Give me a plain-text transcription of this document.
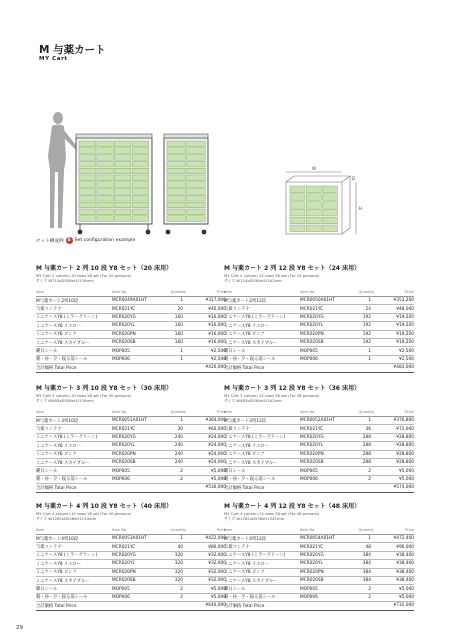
M 与薬カート
MY Cart
W
H
D
セット構成例 S Set configuration example
M 与薬カート 2 列 10 段 Y8 セット（20 床用）
MY Cart 2 column-10 rows Y8 set (For 20 persons)
サイズ W714xD536xH1134mm
Item	Item No.	Quantity	Price
M与薬カート2列10段	MCR0049A01HT	1	¥317,000
与薬コンテナ	MCR021YC	20	¥40,000
ミニケースY8 (ミラーグリーン)	MCR020YG	160	¥16,000
ミニケースY8 イエロー	MCR020YL	160	¥16,000
ミニケースY8 ピンク	MCR020PN	160	¥16,000
ミニケースY8 スカイブルー	MCR020SB	160	¥16,000
曜日シール	MOP005	1	¥2,500
朝・昼・夕・寝る前シール	MOP006	1	¥2,500
合計価格 Total Price			¥426,000
M 与薬カート 2 列 12 段 Y8 セット（24 床用）
MY Cart 2 column-12 rows Y8 set (For 24 persons)
サイズ W714xD536xH1341mm
Item	Item No.	Quantity	Price
M与薬カート2列12段	MCR0050A01HT	1	¥353,200
与薬コンテナ	MCR021YC	24	¥48,000
ミニケースY8 (ミラーグリーン)	MCR020YG	192	¥19,200
ミニケースY8 イエロー	MCR020YL	192	¥19,200
ミニケースY8 ピンク	MCR020PN	192	¥19,200
ミニケースY8 スカイブルー	MCR020SB	192	¥19,200
曜日シール	MOP005	1	¥2,500
朝・昼・夕・寝る前シール	MOP006	1	¥2,500
合計価格 Total Price			¥483,000
M 与薬カート 3 列 10 段 Y8 セット（30 床用）
MY Cart 3 column-10 rows Y8 set (For 30 persons)
サイズ W983xD536xH1134mm
Item	Item No.	Quantity	Price
M与薬カート3列10段	MCR0051A01HT	1	¥364,000
与薬コンテナ	MCR021YC	30	¥60,000
ミニケースY8 (ミラーグリーン)	MCR020YG	240	¥24,000
ミニケースY8 イエロー	MCR020YL	240	¥24,000
ミニケースY8 ピンク	MCR020PN	240	¥24,000
ミニケースY8 スカイブルー	MCR020SB	240	¥24,000
曜日シール	MOP005	2	¥5,000
朝・昼・夕・寝る前シール	MOP006	2	¥5,000
合計価格 Total Price			¥530,000
M 与薬カート 3 列 12 段 Y8 セット（36 床用）
MY Cart 3 column-12 rows Y8 set (For 36 persons)
サイズ W983xD536xH1341mm
Item	Item No.	Quantity	Price
M与薬カート3列12段	MCR0052A01HT	1	¥376,800
与薬コンテナ	MCR021YC	36	¥72,000
ミニケースY8 (ミラーグリーン)	MCR020YG	288	¥28,800
ミニケースY8 イエロー	MCR020YL	288	¥28,800
ミニケースY8 ピンク	MCR020PN	288	¥28,800
ミニケースY8 スカイブルー	MCR020SB	288	¥28,800
曜日シール	MOP005	2	¥5,000
朝・昼・夕・寝る前シール	MOP006	2	¥5,000
合計価格 Total Price			¥574,000
M 与薬カート 4 列 10 段 Y8 セット（40 床用）
MY Cart 4 column-10 rows Y8 set (For 40 persons)
サイズ W1262xD536xH1134mm
Item	Item No.	Quantity	Price
M与薬カート4列10段	MCR0053A01HT	1	¥422,000
与薬コンテナ	MCR021YC	40	¥80,000
ミニケースY8 (ミラーグリーン)	MCR020YG	320	¥32,000
ミニケースY8 イエロー	MCR020YL	320	¥32,000
ミニケースY8 ピンク	MCR020PN	320	¥32,000
ミニケースY8 スカイブルー	MCR020SB	320	¥32,000
曜日シール	MOP005	2	¥5,000
朝・昼・夕・寝る前シール	MOP006	2	¥5,000
合計価格 Total Price			¥640,000
M 与薬カート 4 列 12 段 Y8 セット（48 床用）
MY Cart 4 column-12 rows Y8 set (For 48 persons)
サイズ W1262xD536xH1341mm
Item	Item No.	Quantity	Price
M与薬カート4列12段	MCR0054A01HT	1	¥472,400
与薬コンテナ	MCR021YC	48	¥96,000
ミニケースY8 (ミラーグリーン)	MCR020YG	384	¥38,400
ミニケースY8 イエロー	MCR020YL	384	¥38,400
ミニケースY8 ピンク	MCR020PN	384	¥38,400
ミニケースY8 スカイブルー	MCR020SB	384	¥38,400
曜日シール	MOP005	2	¥5,000
朝・昼・夕・寝る前シール	MOP006	2	¥5,000
合計価格 Total Price			¥732,000
29
